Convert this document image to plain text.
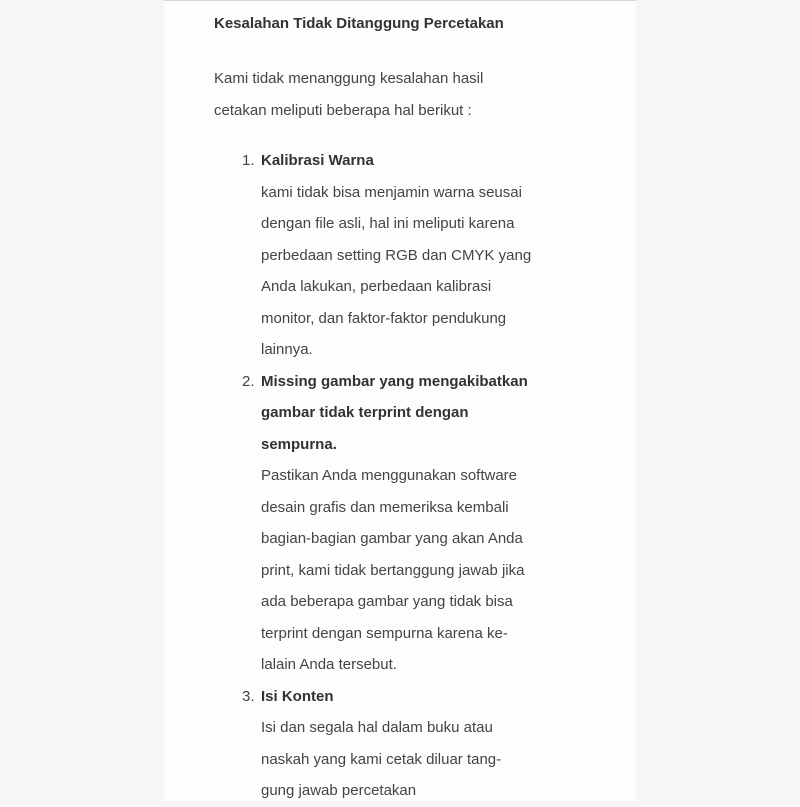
Kesalahan Tidak Ditanggung Percetakan
Kami tidak menanggung kesalahan hasil
cetakan meliputi beberapa hal berikut :
1. Kalibrasi Warna
kami tidak bisa menjamin warna seusai
dengan file asli, hal ini meliputi karena
perbedaan setting RGB dan CMYK yang
Anda lakukan, perbedaan kalibrasi
monitor, dan faktor-faktor pendukung
lainnya.
2. Missing gambar yang mengakibatkan
gambar tidak terprint dengan
sempurna.
Pastikan Anda menggunakan software
desain grafis dan memeriksa kembali
bagian-bagian gambar yang akan Anda
print, kami tidak bertanggung jawab jika
ada beberapa gambar yang tidak bisa
terprint dengan sempurna karena ke-
lalain Anda tersebut.
3. Isi Konten
Isi dan segala hal dalam buku atau
naskah yang kami cetak diluar tang-
gung jawab percetakan
